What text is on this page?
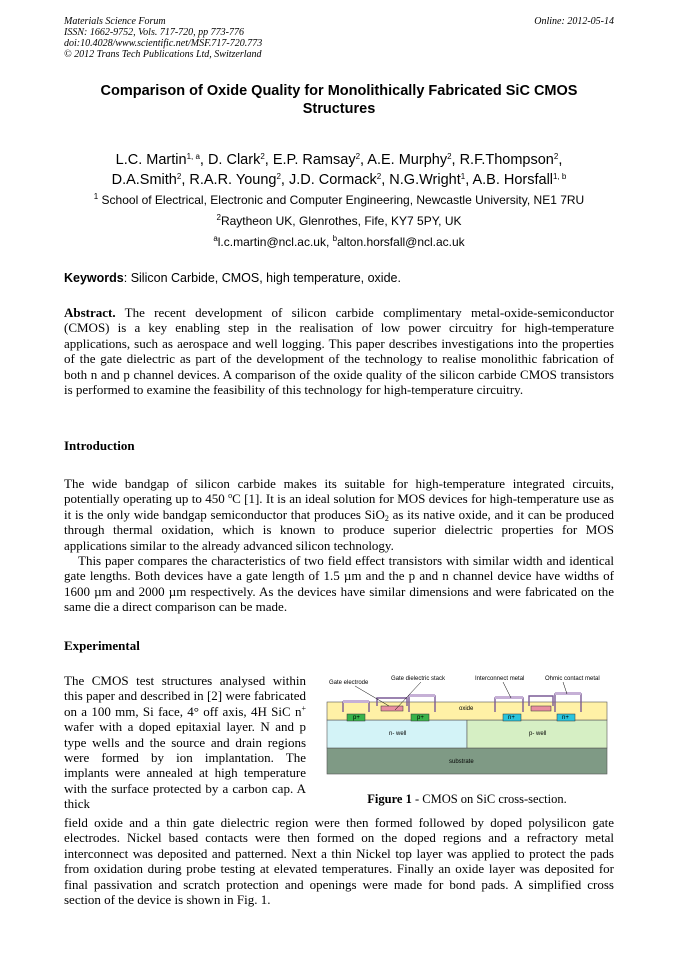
Materials Science Forum
ISSN: 1662-9752, Vols. 717-720, pp 773-776
doi:10.4028/www.scientific.net/MSF.717-720.773
© 2012 Trans Tech Publications Ltd, Switzerland
Online: 2012-05-14
Comparison of Oxide Quality for Monolithically Fabricated SiC CMOS
Structures
L.C. Martin$^{1, a}$, D. Clark$^2$, E.P. Ramsay$^2$, A.E. Murphy$^2$, R.F.Thompson$^2$,
D.A.Smith$^2$, R.A.R. Young$^2$, J.D. Cormack$^2$, N.G.Wright$^1$, A.B. Horsfall$^{1, b}$
$^1$ School of Electrical, Electronic and Computer Engineering, Newcastle University, NE1 7RU
$^2$Raytheon UK, Glenrothes, Fife, KY7 5PY, UK
$^a$l.c.martin@ncl.ac.uk, $^b$alton.horsfall@ncl.ac.uk
Keywords: Silicon Carbide, CMOS, high temperature, oxide.

Abstract. The recent development of silicon carbide complimentary metal-oxide-semiconductor (CMOS) is a key enabling step in the realisation of low power circuitry for high-temperature applications, such as aerospace and well logging. This paper describes investigations into the properties of the gate dielectric as part of the development of the technology to realise monolithic fabrication of both n and p channel devices. A comparison of the oxide quality of the silicon carbide CMOS transistors is performed to examine the feasibility of this technology for high-temperature circuitry.

Introduction

The wide bandgap of silicon carbide makes its suitable for high-temperature integrated circuits, potentially operating up to 450 $^o$C [1]. It is an ideal solution for MOS devices for high-temperature use as it is the only wide bandgap semiconductor that produces SiO$_2$ as its native oxide, and it can be produced through thermal oxidation, which is known to produce superior dielectric properties for MOS applications similar to the already advanced silicon technology.

This paper compares the characteristics of two field effect transistors with similar width and identical gate lengths. Both devices have a gate length of 1.5 µm and the p and n channel device have widths of 1600 µm and 2000 µm respectively. As the devices have similar dimensions and were fabricated on the same die a direct comparison can be made.

Experimental
The CMOS test structures analysed within this paper and described in [2] were fabricated on a 100 mm, Si face, 4° off axis, 4H SiC n+ wafer with a doped epitaxial layer. N and p type wells and the source and drain regions were formed by ion implantation. The implants were annealed at high temperature with the surface protected by a carbon cap. A thick
field oxide and a thin gate dielectric region were then formed followed by doped polysilicon gate electrodes. Nickel based contacts were then formed on the doped regions and a refractory metal interconnect was deposited and patterned. Next a thin Nickel top layer was applied to protect the pads from oxidation during probe testing at elevated temperatures. Finally an oxide layer was deposited for final passivation and scratch protection and openings were made for bond pads. A simplified cross section of the device is shown in Fig. 1.
Gate electrode
Gate dielectric stack	Interconnect metal	Ohmic contact metal
oxide
p+	p+	n+	n+
n- well	p- well
substrate
Figure 1 - CMOS on SiC cross-section.
